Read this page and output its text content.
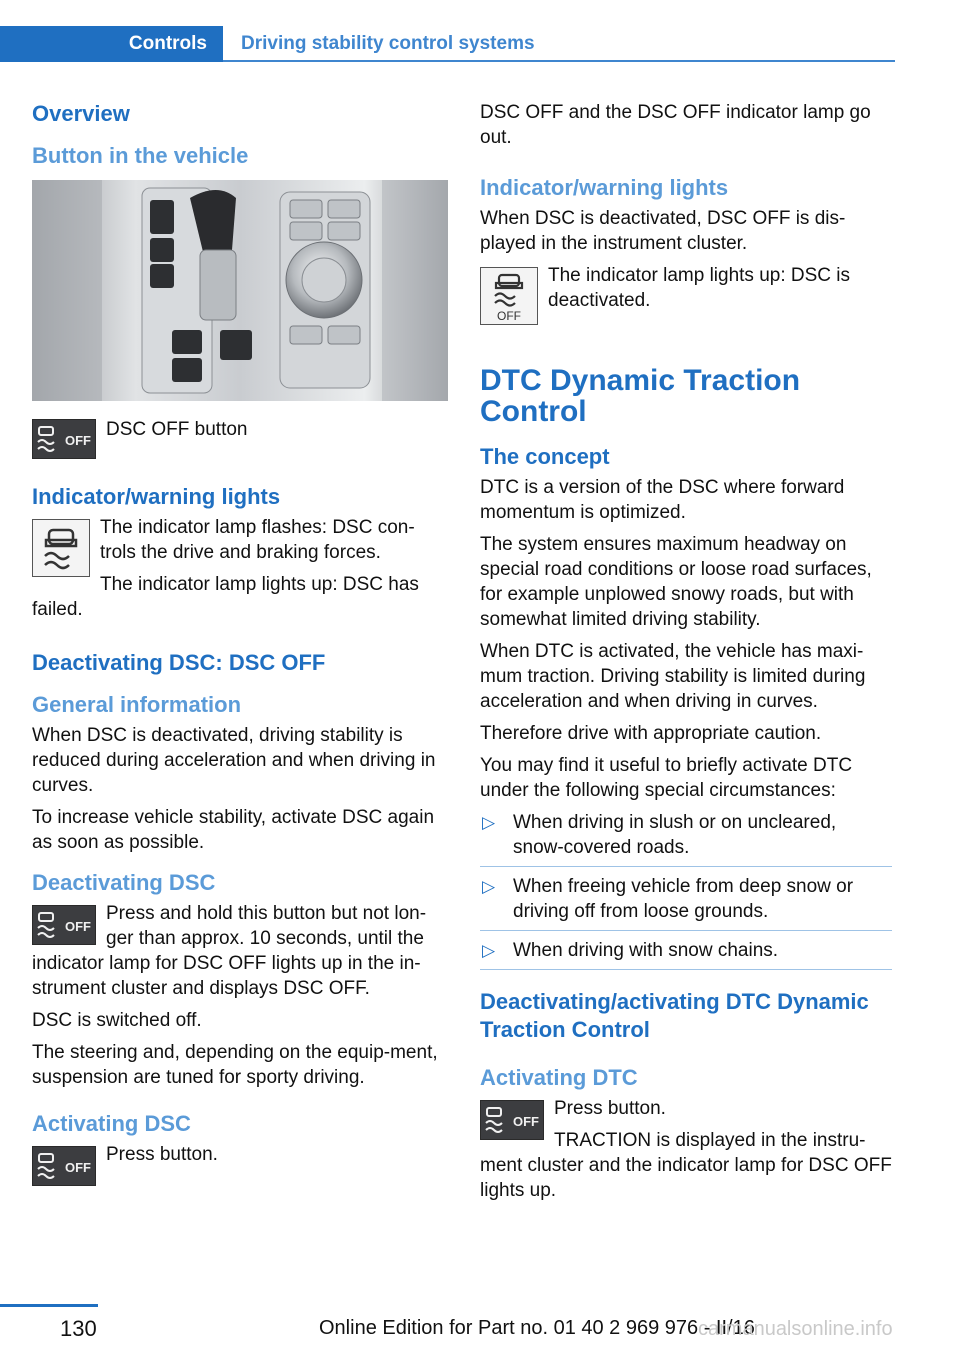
Controls	Driving stability control systems
Overview
Button in the vehicle
OFF

DSC OFF button

Indicator/warning lights

The indicator lamp flashes: DSC con-trols the drive and braking forces.

The indicator lamp lights up: DSC has failed.

Deactivating DSC: DSC OFF
General information

When DSC is deactivated, driving stability is reduced during acceleration and when driving in curves.

To increase vehicle stability, activate DSC again as soon as possible.

Deactivating DSC
OFF

Press and hold this button but not lon-ger than approx. 10 seconds, until the indicator lamp for DSC OFF lights up in the in-strument cluster and displays DSC OFF.

DSC is switched off.

The steering and, depending on the equip-ment, suspension are tuned for sporty driving.

Activating DSC
OFF

Press button.

DSC OFF and the DSC OFF indicator lamp go out.

Indicator/warning lights

When DSC is deactivated, DSC OFF is dis-played in the instrument cluster.

OFF

The indicator lamp lights up: DSC is deactivated.

DTC Dynamic Traction Control
The concept

DTC is a version of the DSC where forward momentum is optimized.

The system ensures maximum headway on special road conditions or loose road surfaces, for example unplowed snowy roads, but with somewhat limited driving stability.

When DTC is activated, the vehicle has maxi-mum traction. Driving stability is limited during acceleration and when driving in curves.

Therefore drive with appropriate caution.

You may find it useful to briefly activate DTC under the following special circumstances:

▷ When driving in slush or on uncleared, snow-covered roads.
▷ When freeing vehicle from deep snow or driving off from loose grounds.
▷ When driving with snow chains.
Deactivating/activating DTC Dynamic Traction Control
Activating DTC
OFF

Press button.

TRACTION is displayed in the instru-ment cluster and the indicator lamp for DSC OFF lights up.

130	Online Edition for Part no. 01 40 2 969 976 - II/16
carmanualsonline.info
